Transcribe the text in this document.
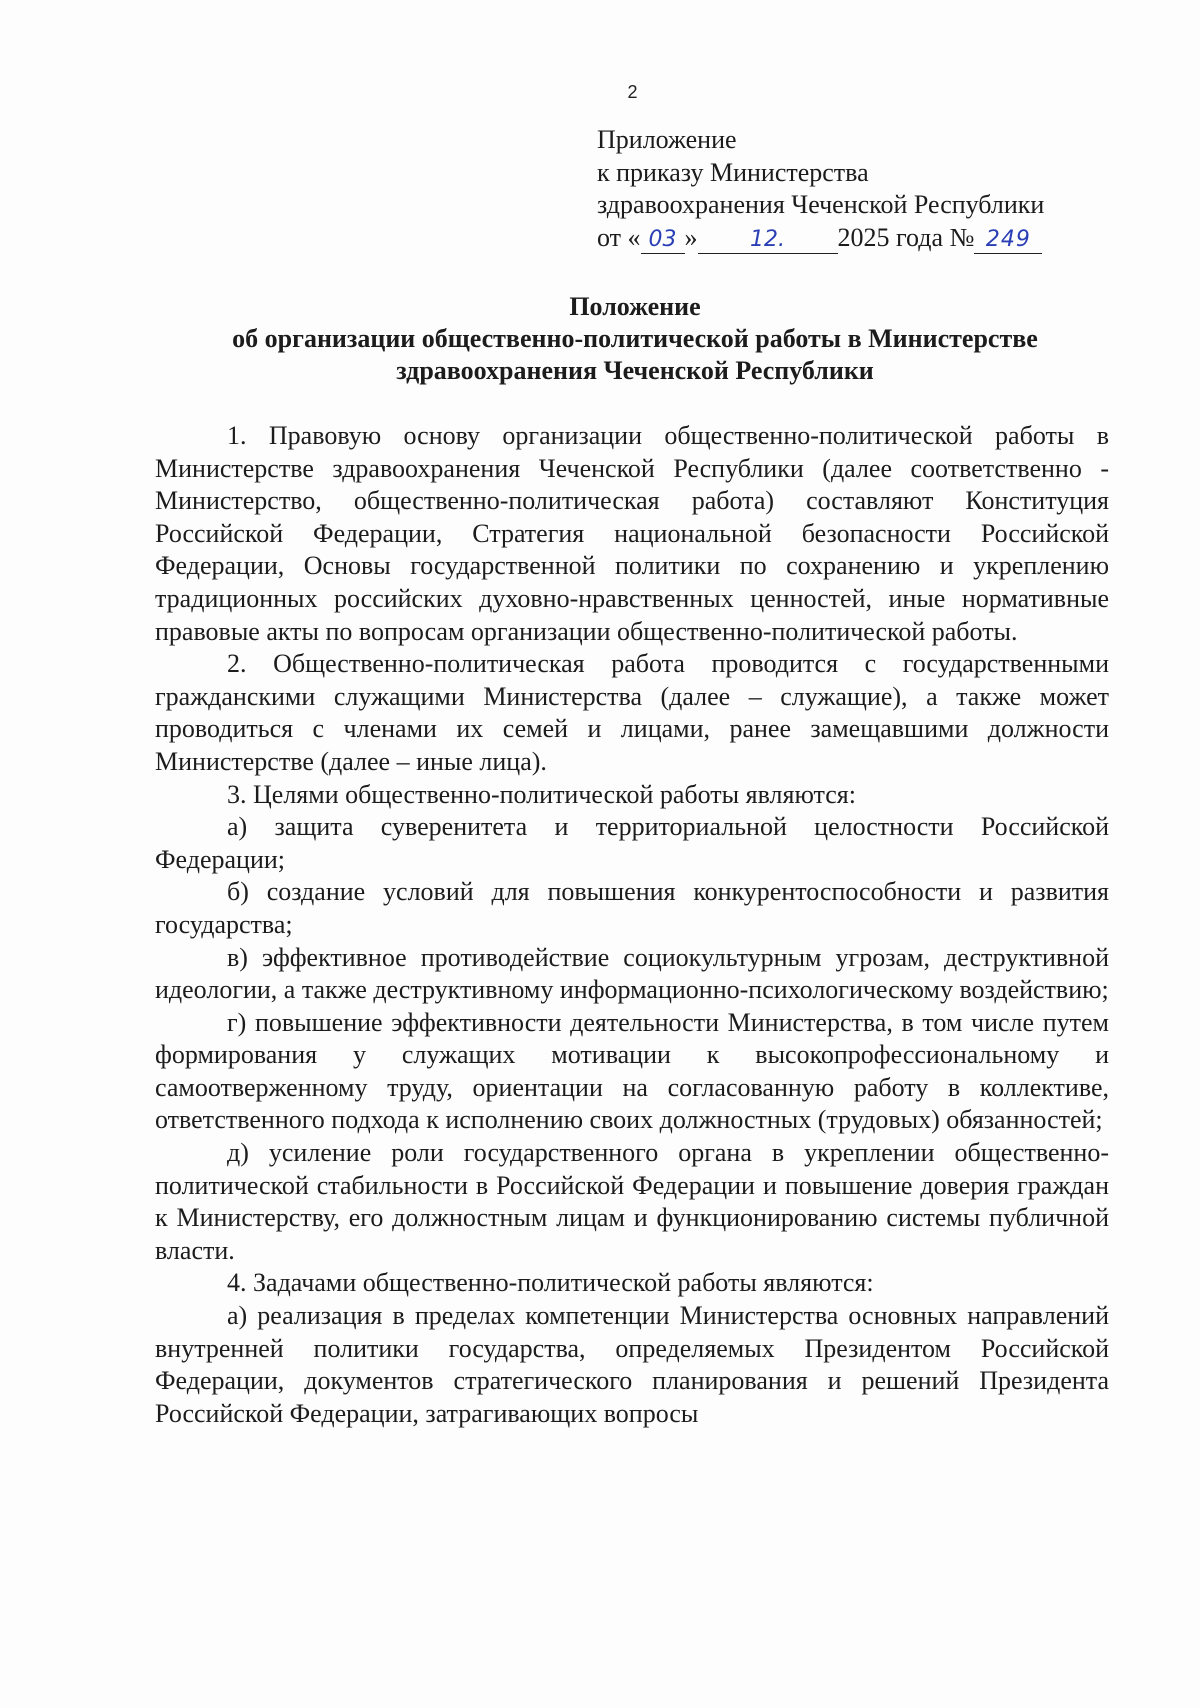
2
Приложение
к приказу Министерства
здравоохранения Чеченской Республики
от « 03 » 12. 2025 года № 249
Положение
об организации общественно-политической работы в Министерстве
здравоохранения Чеченской Республики

1. Правовую основу организации общественно-политической работы в Министерстве здравоохранения Чеченской Республики (далее соответственно - Министерство, общественно-политическая работа) составляют Конституция Российской Федерации, Стратегия национальной безопасности Российской Федерации, Основы государственной политики по сохранению и укреплению традиционных российских духовно-нравственных ценностей, иные нормативные правовые акты по вопросам организации общественно-политической работы.

2. Общественно-политическая работа проводится с государственными гражданскими служащими Министерства (далее – служащие), а также может проводиться с членами их семей и лицами, ранее замещавшими должности Министерстве (далее – иные лица).

3. Целями общественно-политической работы являются:

а) защита суверенитета и территориальной целостности Российской Федерации;

б) создание условий для повышения конкурентоспособности и развития государства;

в) эффективное противодействие социокультурным угрозам, деструктивной идеологии, а также деструктивному информационно-психологическому воздействию;

г) повышение эффективности деятельности Министерства, в том числе путем формирования у служащих мотивации к высокопрофессиональному и самоотверженному труду, ориентации на согласованную работу в коллективе, ответственного подхода к исполнению своих должностных (трудовых) обязанностей;

д) усиление роли государственного органа в укреплении общественно-политической стабильности в Российской Федерации и повышение доверия граждан к Министерству, его должностным лицам и функционированию системы публичной власти.

4. Задачами общественно-политической работы являются:

а) реализация в пределах компетенции Министерства основных направлений внутренней политики государства, определяемых Президентом Российской Федерации, документов стратегического планирования и решений Президента Российской Федерации, затрагивающих вопросы
